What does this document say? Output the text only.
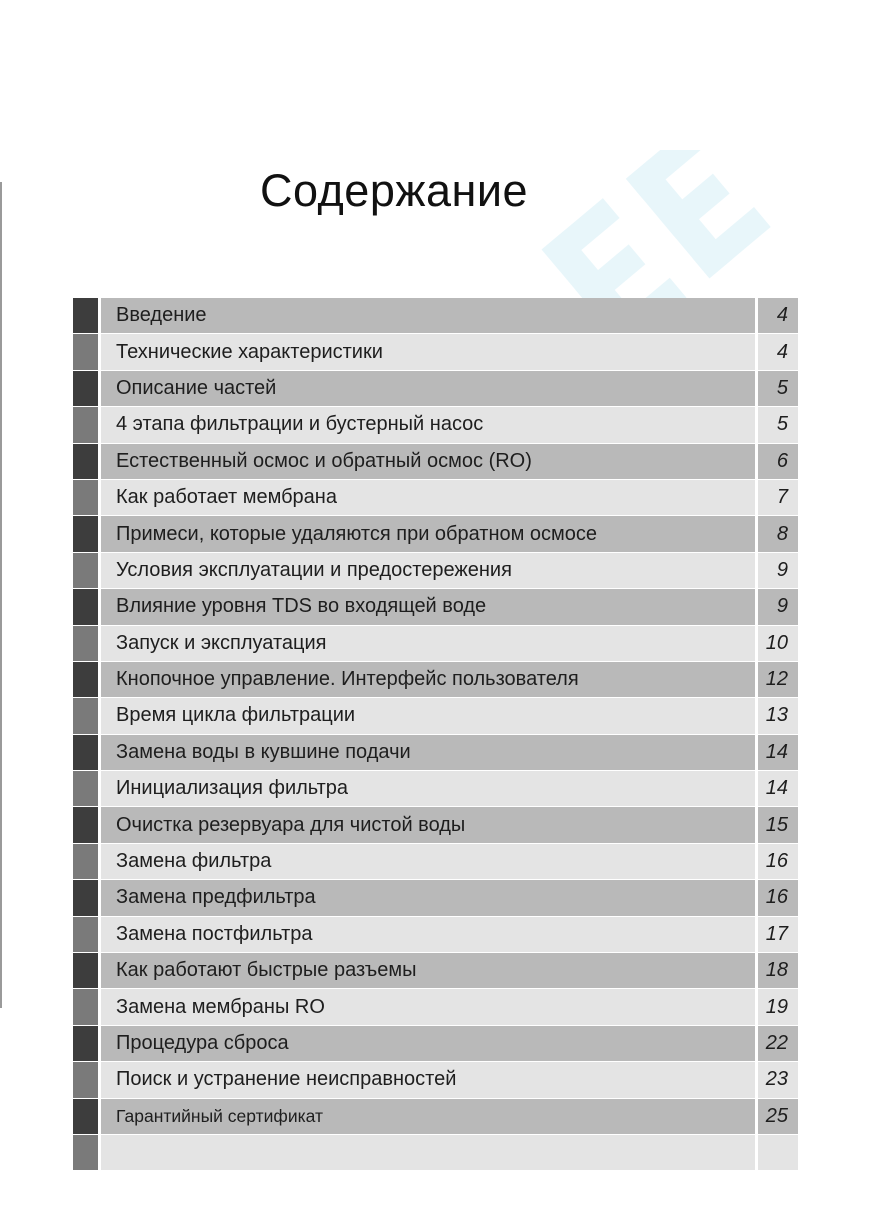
Содержание
Введение	4
Технические характеристики	4
Описание частей	5
4 этапа фильтрации и бустерный насос	5
Естественный осмос и обратный осмос (RO)	6
Как работает мембрана	7
Примеси, которые удаляются при обратном осмосе	8
Условия эксплуатации и предостережения	9
Влияние уровня TDS во входящей воде	9
Запуск и эксплуатация	10
Кнопочное управление. Интерфейс пользователя	12
Время цикла фильтрации	13
Замена воды в кувшине подачи	14
Инициализация фильтра	14
Очистка резервуара для чистой воды	15
Замена фильтра	16
Замена предфильтра	16
Замена постфильтра	17
Как работают быстрые разъемы	18
Замена мембраны RO	19
Процедура сброса	22
Поиск и устранение неисправностей	23
Гарантийный сертификат	25
